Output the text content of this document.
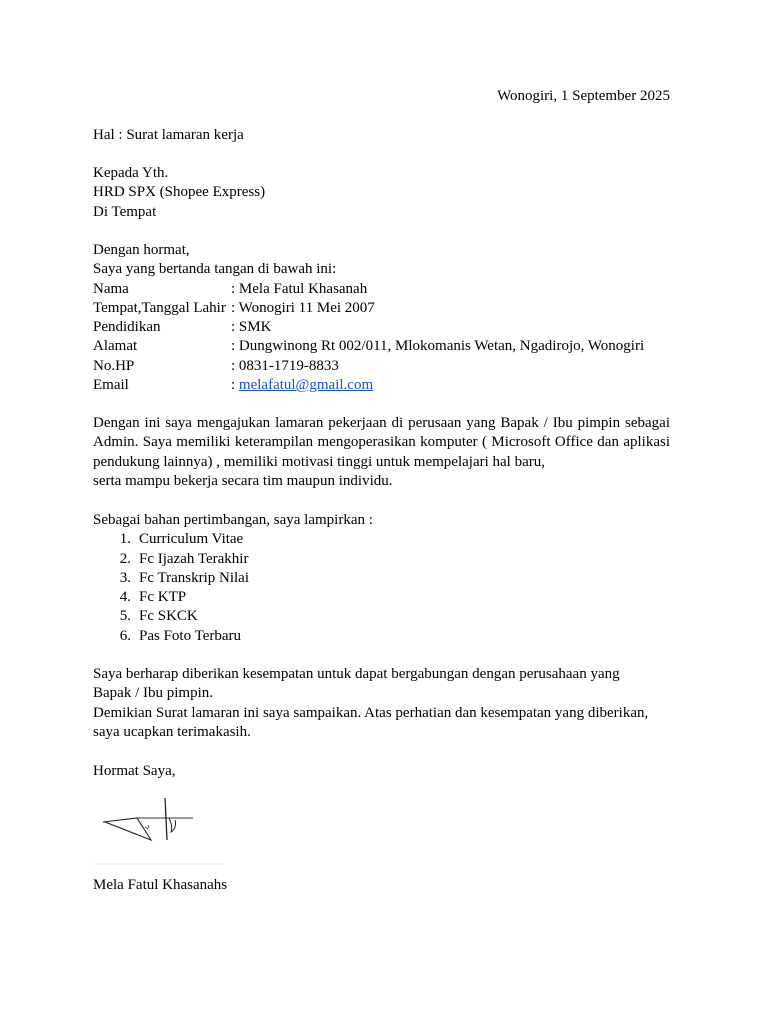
Wonogiri, 1 September 2025
Hal : Surat lamaran kerja
Kepada Yth.
HRD SPX (Shopee Express)
Di Tempat
Dengan hormat,
Saya yang bertanda tangan di bawah ini:
Nama	: Mela Fatul Khasanah
Tempat,Tanggal Lahir : Wonogiri 11 Mei 2007
Pendidikan	: SMK
Alamat	: Dungwinong Rt 002/011, Mlokomanis Wetan, Ngadirojo, Wonogiri
No.HP	: 0831-1719-8833
Email	: melafatul@gmail.com
Dengan ini saya mengajukan lamaran pekerjaan di perusaan yang Bapak / Ibu pimpin sebagai Admin. Saya memiliki keterampilan mengoperasikan komputer ( Microsoft Office dan aplikasi pendukung lainnya) , memiliki motivasi tinggi untuk mempelajari hal baru,
serta mampu bekerja secara tim maupun individu.
Sebagai bahan pertimbangan, saya lampirkan :
1. Curriculum Vitae
2. Fc Ijazah Terakhir
3. Fc Transkrip Nilai
4. Fc KTP
5. Fc SKCK
6. Pas Foto Terbaru
Saya berharap diberikan kesempatan untuk dapat bergabungan dengan perusahaan yang
Bapak / Ibu pimpin.
Demikian Surat lamaran ini saya sampaikan. Atas perhatian dan kesempatan yang diberikan,
saya ucapkan terimakasih.
Hormat Saya,
Mela Fatul Khasanahs
